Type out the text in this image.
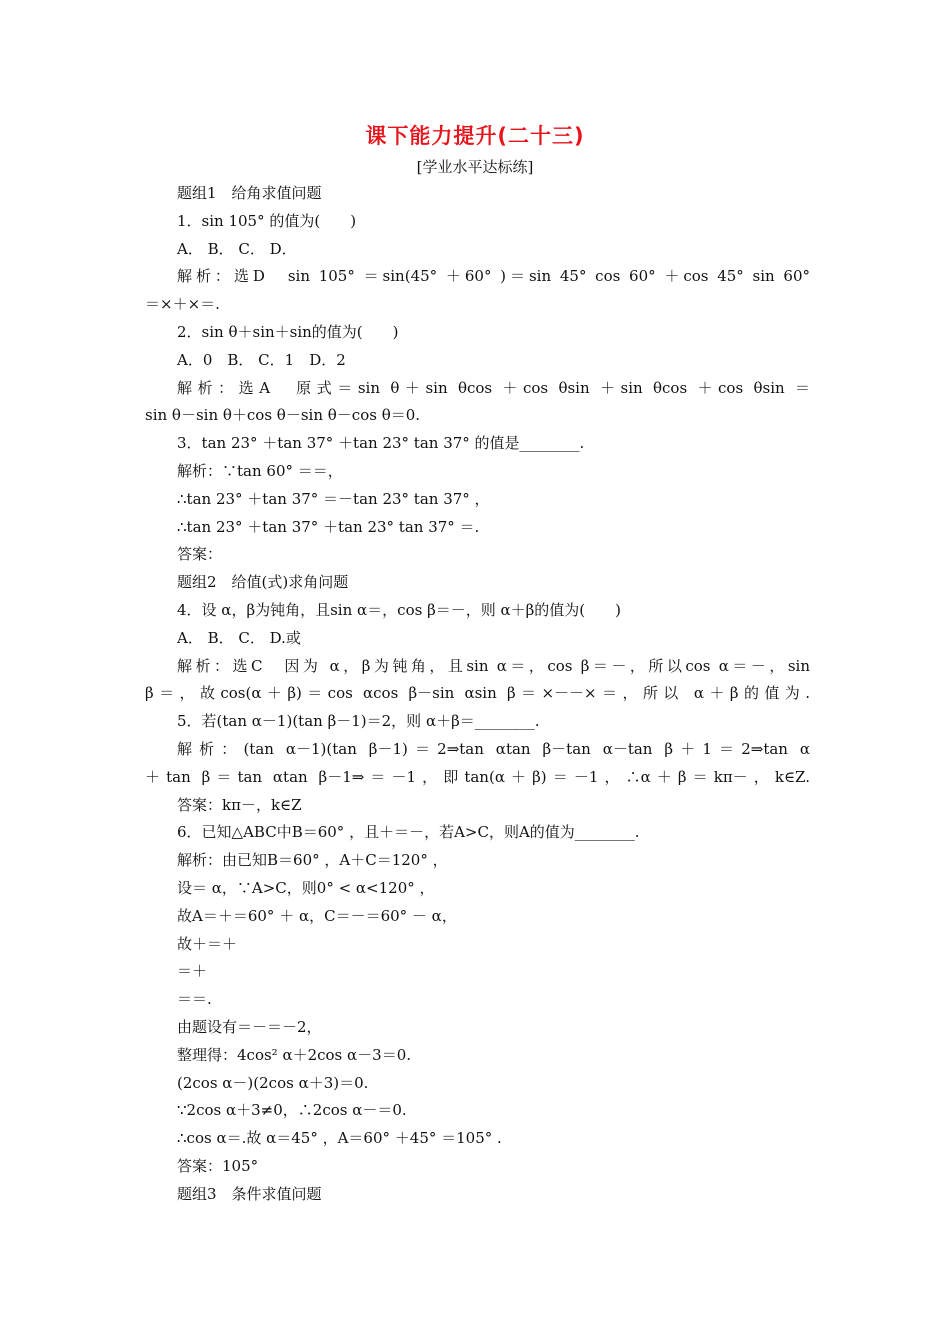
课下能力提升(二十三)
[学业水平达标练]
题组1　给角求值问题
1．sin 105° 的值为(　　)
A． B． C． D．
解析：选D　sin 105° ＝sin(45° ＋60° )＝sin 45° cos 60° ＋cos 45° sin 60°
＝×＋×＝.
2．sin θ＋sin＋sin的值为(　　)
A．0　B． C．1　D．2
解析：选A　原式＝sin θ＋sin θcos ＋cos θsin ＋sin θcos ＋cos θsin ＝
sin θ－sin θ＋cos θ－sin θ－cos θ＝0.
3．tan 23° ＋tan 37° ＋tan 23° tan 37° 的值是________.
解析：∵tan 60° ＝＝，
∴tan 23° ＋tan 37° ＝－tan 23° tan 37° ，
∴tan 23° ＋tan 37° ＋tan 23° tan 37° ＝.
答案：
题组2　给值(式)求角问题
4．设 α，β为钝角，且sin α＝，cos β＝－，则 α＋β的值为(　　)
A． B． C． D.或
解析：选C　因为 α，β为钝角，且sin α＝，cos β＝－，所以cos α＝－，sin
β＝，故cos(α＋β)＝cos αcos β－sin αsin β＝×－－×＝，所以 α＋β的值为.
5．若(tan α－1)(tan β－1)＝2，则 α＋β＝________.
解析：(tan α－1)(tan β－1)＝2⇒tan αtan β－tan α－tan β＋1＝2⇒tan α
＋tan β＝tan αtan β－1⇒＝－1，即tan(α＋β)＝－1，∴α＋β＝kπ－，k∈Z.
答案：kπ－，k∈Z
6．已知△ABC中B＝60° ，且＋＝－，若A>C，则A的值为________.
解析：由已知B＝60° ，A＋C＝120° ，
设＝ α，∵A>C，则0° < α<120° ，
故A＝＋＝60° ＋ α，C＝－＝60° － α，
故＋＝＋
＝＋
＝＝.
由题设有＝－＝－2，
整理得：4cos² α＋2cos α－3＝0.
(2cos α－)(2cos α＋3)＝0.
∵2cos α＋3≠0，∴2cos α－＝0.
∴cos α＝.故 α＝45° ，A＝60° ＋45° ＝105° .
答案：105°
题组3　条件求值问题
